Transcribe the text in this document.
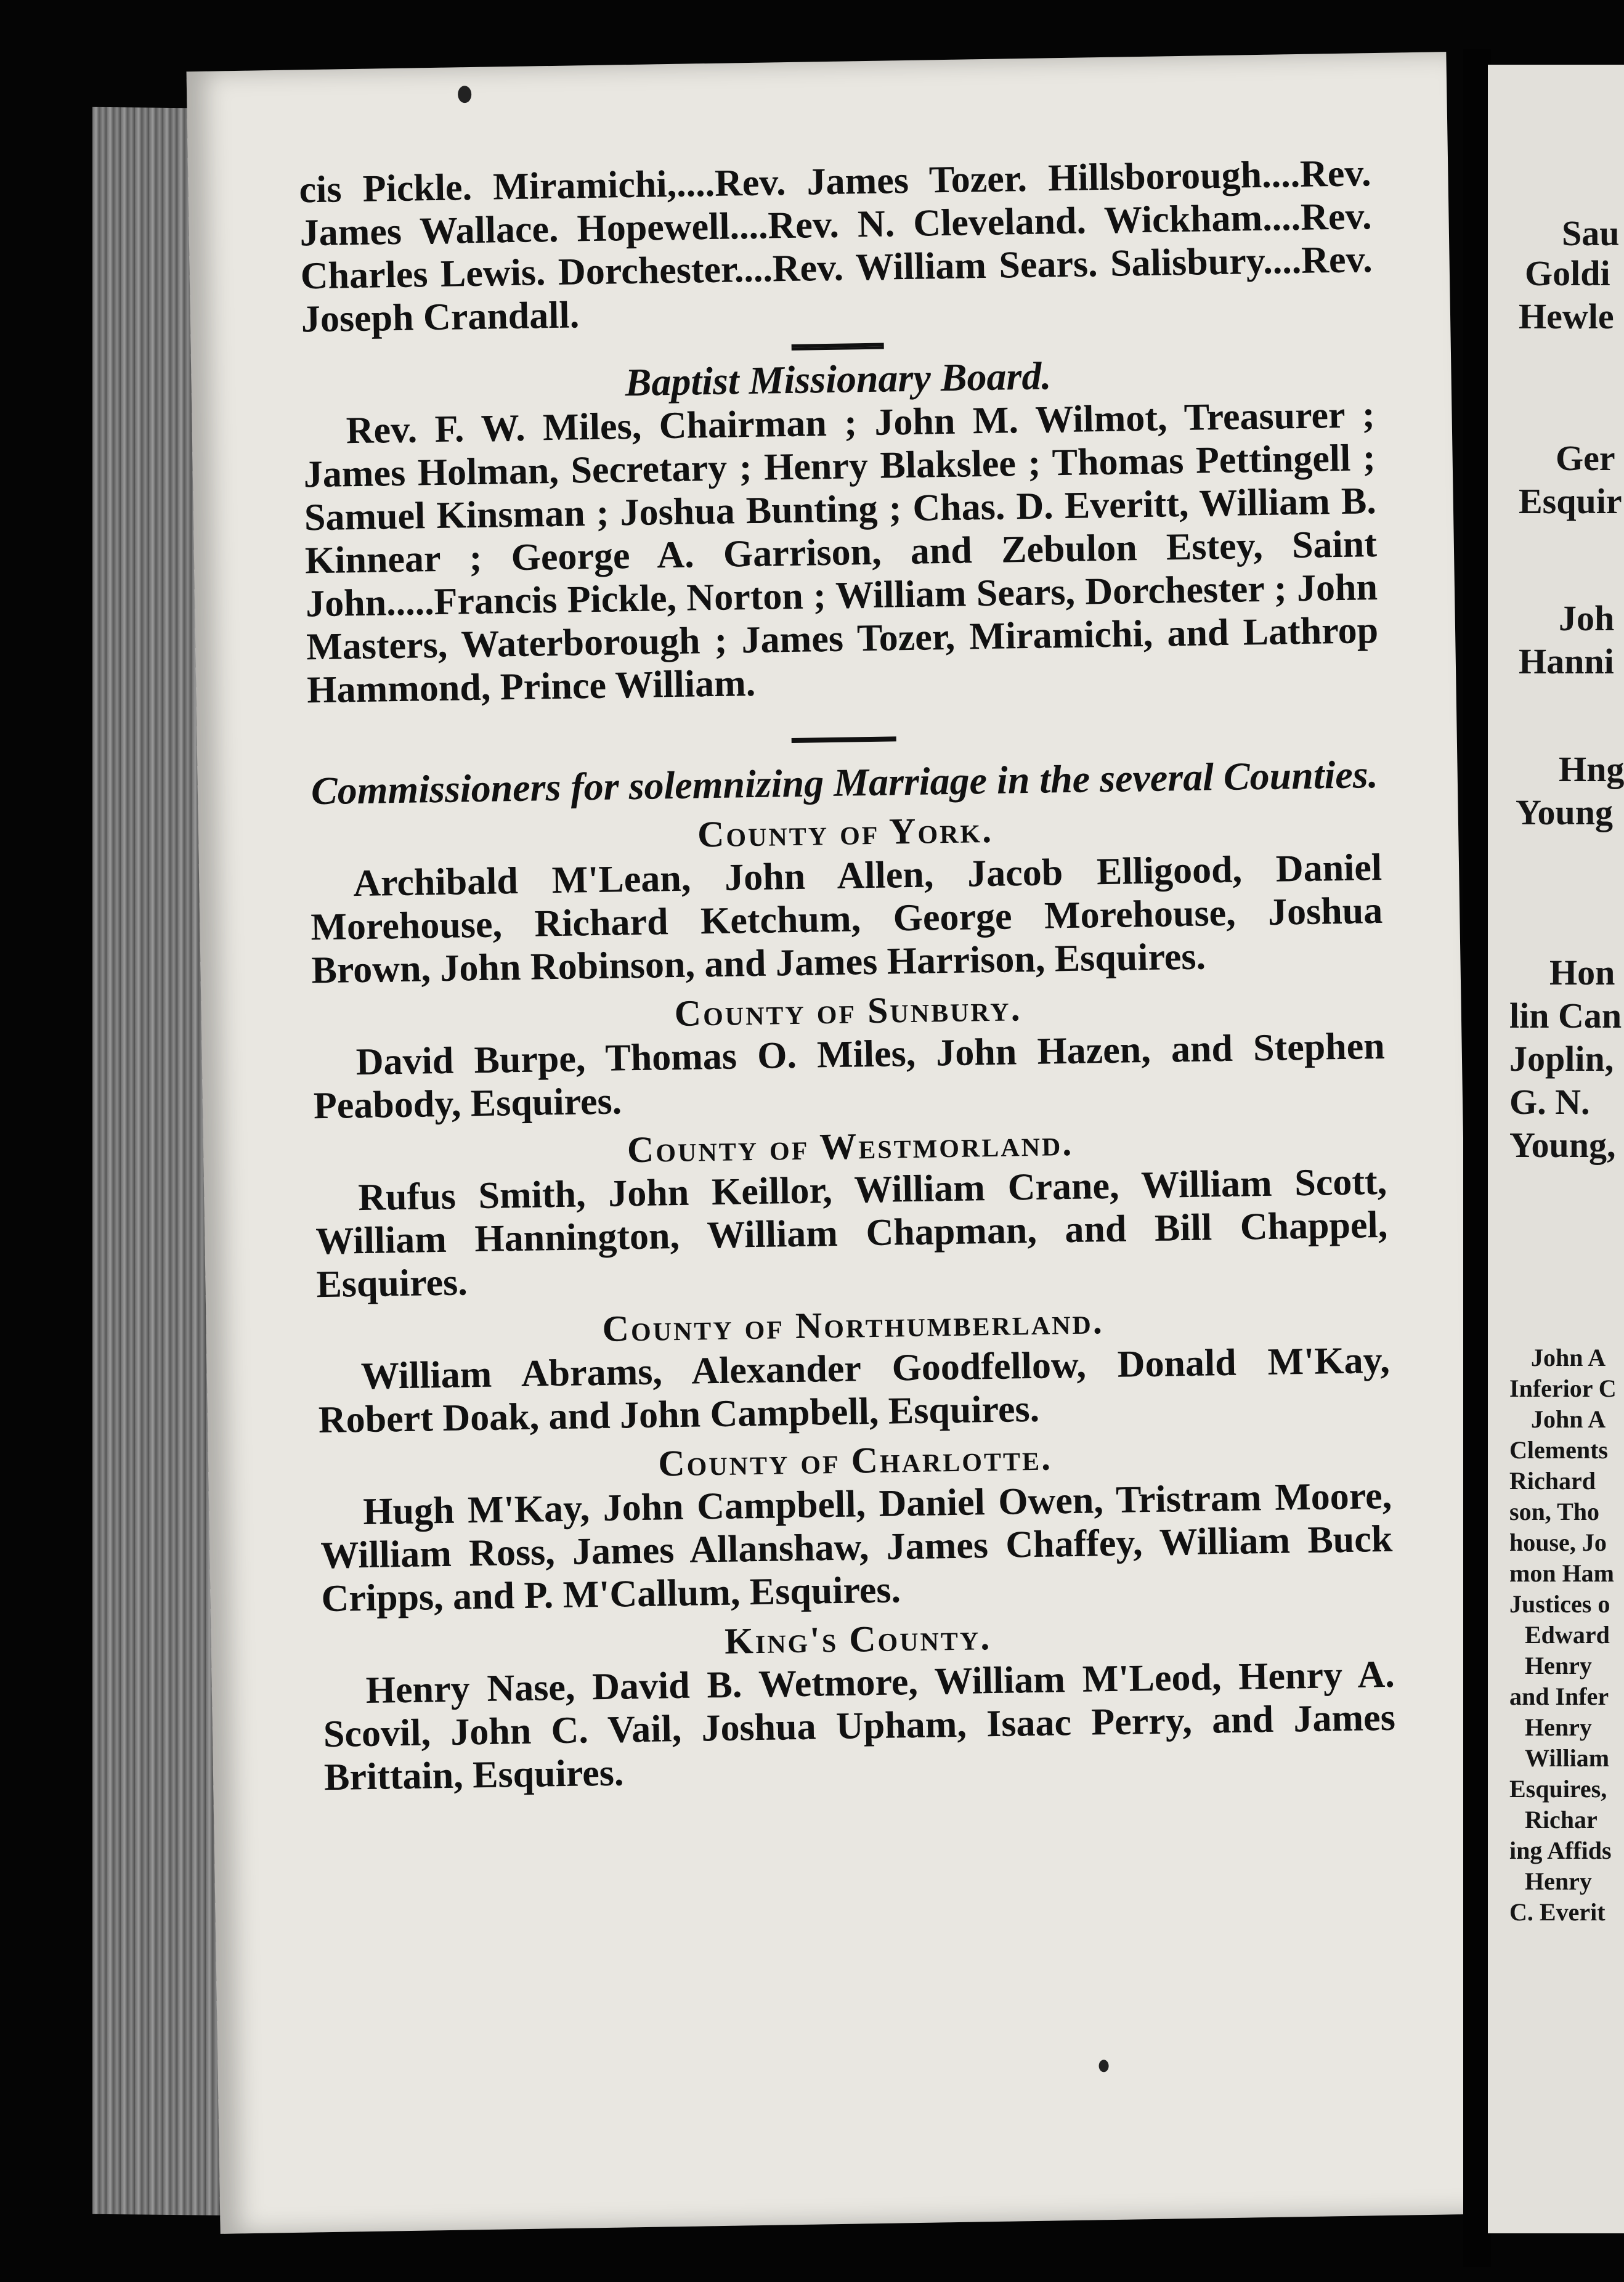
cis Pickle. Miramichi,....Rev. James Tozer. Hillsborough....Rev. James Wallace. Hopewell....Rev. N. Cleveland. Wickham....Rev. Charles Lewis. Dorchester....Rev. William Sears. Salisbury....Rev. Joseph Crandall.

Baptist Missionary Board.

Rev. F. W. Miles, Chairman ; John M. Wilmot, Treasurer ; James Holman, Secretary ; Henry Blakslee ; Thomas Pettingell ; Samuel Kinsman ; Joshua Bunting ; Chas. D. Everitt, William B. Kinnear ; George A. Garrison, and Zebulon Estey, Saint John.....Francis Pickle, Norton ; William Sears, Dorchester ; John Masters, Waterborough ; James Tozer, Miramichi, and Lathrop Hammond, Prince William.

Commissioners for solemnizing Marriage in the several Counties.

County of York.

Archibald M'Lean, John Allen, Jacob Elligood, Daniel Morehouse, Richard Ketchum, George Morehouse, Joshua Brown, John Robinson, and James Harrison, Esquires.

County of Sunbury.

David Burpe, Thomas O. Miles, John Hazen, and Stephen Peabody, Esquires.

County of Westmorland.

Rufus Smith, John Keillor, William Crane, William Scott, William Hannington, William Chapman, and Bill Chappel, Esquires.

County of Northumberland.

William Abrams, Alexander Goodfellow, Donald M'Kay, Robert Doak, and John Campbell, Esquires.

County of Charlotte.

Hugh M'Kay, John Campbell, Daniel Owen, Tristram Moore, William Ross, James Allanshaw, James Chaffey, William Buck Cripps, and P. M'Callum, Esquires.

King's County.

Henry Nase, David B. Wetmore, William M'Leod, Henry A. Scovil, John C. Vail, Joshua Upham, Isaac Perry, and James Brittain, Esquires.

Sau
Goldi
Hewle
Ger
Esquir
Joh
Hanni
Hng
Young
Hon
lin Can
Joplin,
G. N.
Young,
John A
Inferior C
John A
Clements
Richard
son, Tho
house, Jo
mon Ham
Justices o
Edward
Henry
and Infer
Henry
William
Esquires,
Richar
ing Affids
Henry
C. Everit
